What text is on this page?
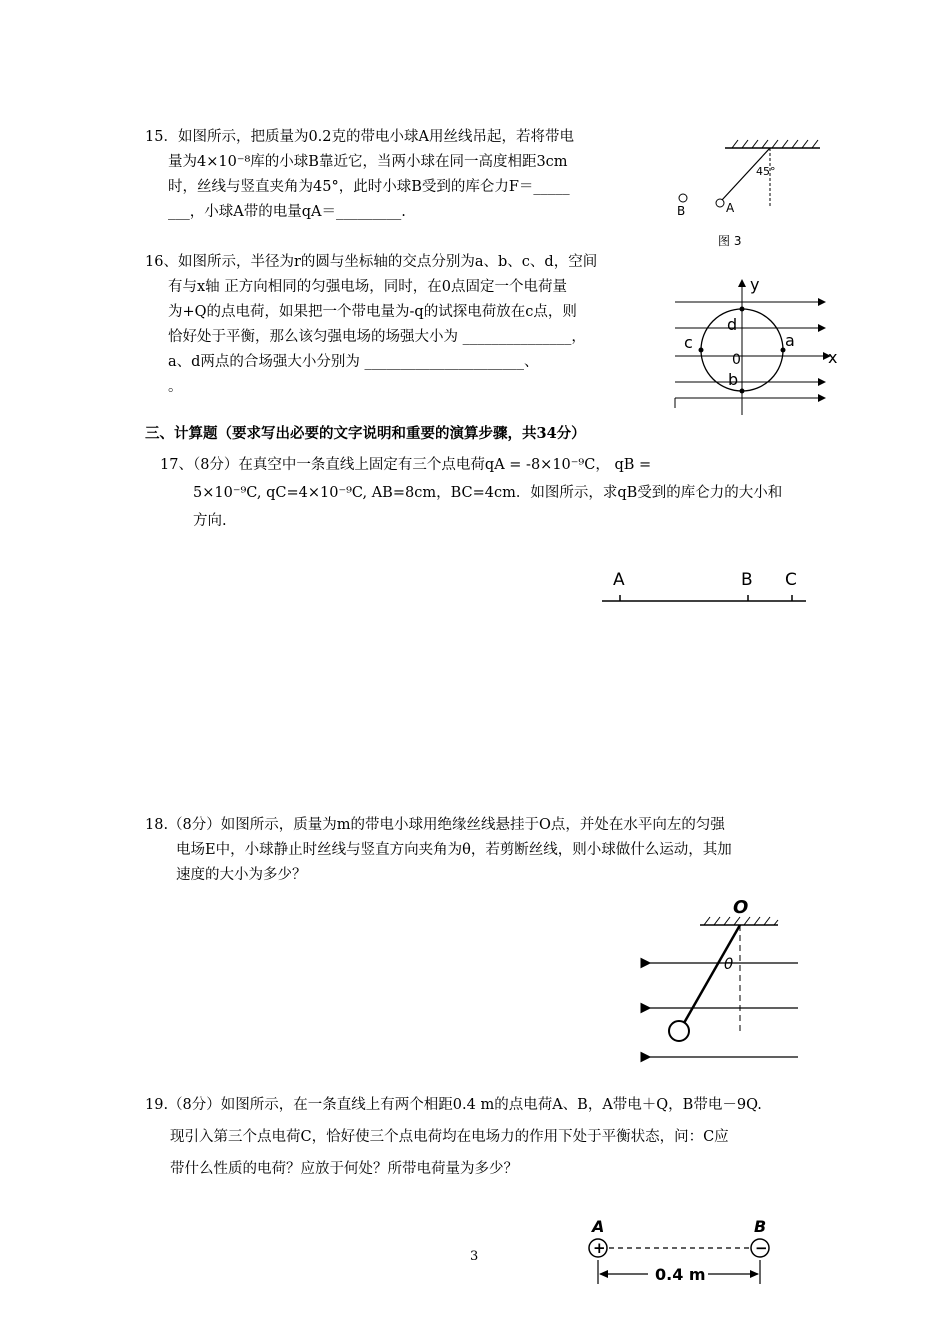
15．如图所示，把质量为0.2克的带电小球A用丝线吊起，若将带电
量为4×10⁻⁸库的小球B靠近它，当两小球在同一高度相距3cm
时，丝线与竖直夹角为45°，此时小球B受到的库仑力F＝_____
___，小球A带的电量qA＝_________.
45°
B	A
图 3
16、如图所示，半径为r的圆与坐标轴的交点分别为a、b、c、d，空间
有与x轴 正方向相同的匀强电场，同时，在0点固定一个电荷量
为+Q的点电荷，如果把一个带电量为-q的试探电荷放在c点，则
恰好处于平衡，那么该匀强电场的场强大小为 _______________，
a、d两点的合场强大小分别为 ______________________、
。
y
x
d
c	a
0
b
三、计算题（要求写出必要的文字说明和重要的演算步骤，共34分）
17、（8分）在真空中一条直线上固定有三个点电荷qA = -8×10⁻⁹C， qB =
5×10⁻⁹C, qC=4×10⁻⁹C, AB=8cm，BC=4cm．如图所示，求qB受到的库仑力的大小和
方向.
A	B C
18.（8分）如图所示，质量为m的带电小球用绝缘丝线悬挂于O点，并处在水平向左的匀强
电场E中，小球静止时丝线与竖直方向夹角为θ，若剪断丝线，则小球做什么运动，其加
速度的大小为多少？
O
θ
19.（8分）如图所示，在一条直线上有两个相距0.4 m的点电荷A、B，A带电＋Q，B带电－9Q.
现引入第三个点电荷C，恰好使三个点电荷均在电场力的作用下处于平衡状态，问：C应
带什么性质的电荷？应放于何处？所带电荷量为多少？
A	B
+	−
0.4 m
3
